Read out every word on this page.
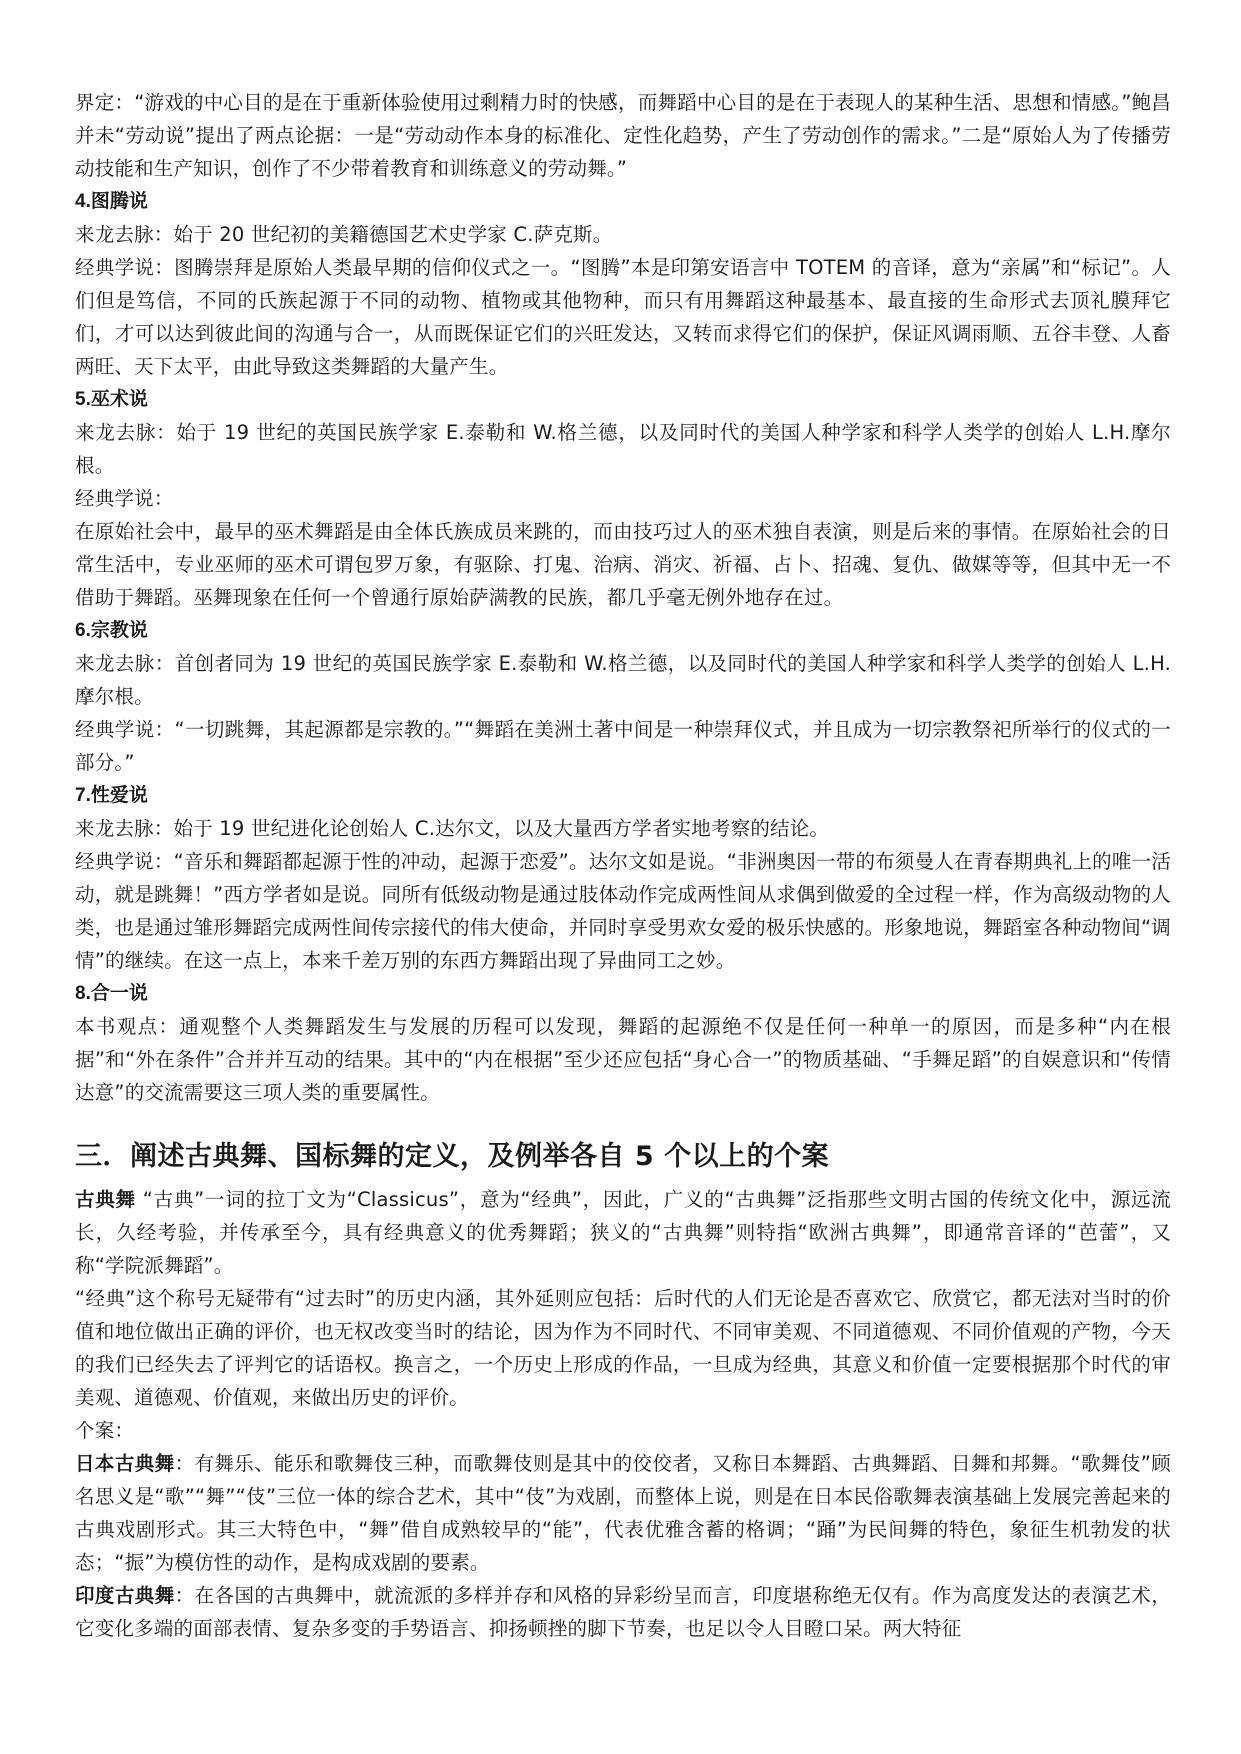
界定：“游戏的中心目的是在于重新体验使用过剩精力时的快感，而舞蹈中心目的是在于表现人的某种生活、思想和情感。”鲍昌并未“劳动说”提出了两点论据：一是“劳动动作本身的标准化、定性化趋势，产生了劳动创作的需求。”二是“原始人为了传播劳动技能和生产知识，创作了不少带着教育和训练意义的劳动舞。”

4.图腾说

来龙去脉：始于 20 世纪初的美籍德国艺术史学家 C.萨克斯。

经典学说：图腾崇拜是原始人类最早期的信仰仪式之一。“图腾”本是印第安语言中 TOTEM 的音译，意为“亲属”和“标记”。人们但是笃信，不同的氏族起源于不同的动物、植物或其他物种，而只有用舞蹈这种最基本、最直接的生命形式去顶礼膜拜它们，才可以达到彼此间的沟通与合一，从而既保证它们的兴旺发达，又转而求得它们的保护，保证风调雨顺、五谷丰登、人畜两旺、天下太平，由此导致这类舞蹈的大量产生。

5.巫术说

来龙去脉：始于 19 世纪的英国民族学家 E.泰勒和 W.格兰德，以及同时代的美国人种学家和科学人类学的创始人 L.H.摩尔根。

经典学说：

在原始社会中，最早的巫术舞蹈是由全体氏族成员来跳的，而由技巧过人的巫术独自表演，则是后来的事情。在原始社会的日常生活中，专业巫师的巫术可谓包罗万象，有驱除、打鬼、治病、消灾、祈福、占卜、招魂、复仇、做媒等等，但其中无一不借助于舞蹈。巫舞现象在任何一个曾通行原始萨满教的民族，都几乎毫无例外地存在过。

6.宗教说

来龙去脉：首创者同为 19 世纪的英国民族学家 E.泰勒和 W.格兰德，以及同时代的美国人种学家和科学人类学的创始人 L.H.摩尔根。

经典学说：“一切跳舞，其起源都是宗教的。”“舞蹈在美洲土著中间是一种崇拜仪式，并且成为一切宗教祭祀所举行的仪式的一部分。”

7.性爱说

来龙去脉：始于 19 世纪进化论创始人 C.达尔文，以及大量西方学者实地考察的结论。

经典学说：“音乐和舞蹈都起源于性的冲动，起源于恋爱”。达尔文如是说。“非洲奥因一带的布须曼人在青春期典礼上的唯一活动，就是跳舞！”西方学者如是说。同所有低级动物是通过肢体动作完成两性间从求偶到做爱的全过程一样，作为高级动物的人类，也是通过雏形舞蹈完成两性间传宗接代的伟大使命，并同时享受男欢女爱的极乐快感的。形象地说，舞蹈室各种动物间“调情”的继续。在这一点上，本来千差万别的东西方舞蹈出现了异曲同工之妙。

8.合一说

本书观点：通观整个人类舞蹈发生与发展的历程可以发现，舞蹈的起源绝不仅是任何一种单一的原因，而是多种“内在根据”和“外在条件”合并并互动的结果。其中的“内在根据”至少还应包括“身心合一”的物质基础、“手舞足蹈”的自娱意识和“传情达意”的交流需要这三项人类的重要属性。

三．阐述古典舞、国标舞的定义，及例举各自 5 个以上的个案

古典舞 “古典”一词的拉丁文为“Classicus”，意为“经典”，因此，广义的“古典舞”泛指那些文明古国的传统文化中，源远流长，久经考验，并传承至今，具有经典意义的优秀舞蹈；狭义的“古典舞”则特指“欧洲古典舞”，即通常音译的“芭蕾”，又称“学院派舞蹈”。

“经典”这个称号无疑带有“过去时”的历史内涵，其外延则应包括：后时代的人们无论是否喜欢它、欣赏它，都无法对当时的价值和地位做出正确的评价，也无权改变当时的结论，因为作为不同时代、不同审美观、不同道德观、不同价值观的产物，今天的我们已经失去了评判它的话语权。换言之，一个历史上形成的作品，一旦成为经典，其意义和价值一定要根据那个时代的审美观、道德观、价值观，来做出历史的评价。

个案：

日本古典舞：有舞乐、能乐和歌舞伎三种，而歌舞伎则是其中的佼佼者，又称日本舞蹈、古典舞蹈、日舞和邦舞。“歌舞伎”顾名思义是“歌”“舞”“伎”三位一体的综合艺术，其中“伎”为戏剧，而整体上说，则是在日本民俗歌舞表演基础上发展完善起来的古典戏剧形式。其三大特色中，“舞”借自成熟较早的“能”，代表优雅含蓄的格调；“踊”为民间舞的特色，象征生机勃发的状态；“振”为模仿性的动作，是构成戏剧的要素。

印度古典舞：在各国的古典舞中，就流派的多样并存和风格的异彩纷呈而言，印度堪称绝无仅有。作为高度发达的表演艺术，它变化多端的面部表情、复杂多变的手势语言、抑扬顿挫的脚下节奏，也足以令人目瞪口呆。两大特征
